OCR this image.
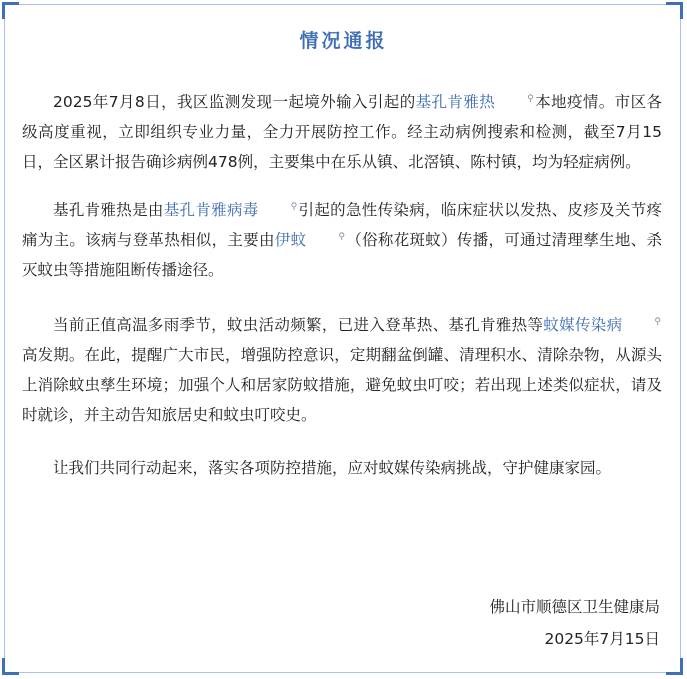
情况通报

2025年7月8日，我区监测发现一起境外输入引起的基孔肯雅热	⚲本地疫情。市区各级高度重视，立即组织专业力量，全力开展防控工作。经主动病例搜索和检测，截至7月15日，全区累计报告确诊病例478例，主要集中在乐从镇、北滘镇、陈村镇，均为轻症病例。

基孔肯雅热是由基孔肯雅病毒	⚲引起的急性传染病，临床症状以发热、皮疹及关节疼痛为主。该病与登革热相似，主要由伊蚊	⚲（俗称花斑蚊）传播，可通过清理孳生地、杀灭蚊虫等措施阻断传播途径。

当前正值高温多雨季节，蚊虫活动频繁，已进入登革热、基孔肯雅热等蚊媒传染病	⚲高发期。在此，提醒广大市民，增强防控意识，定期翻盆倒罐、清理积水、清除杂物，从源头上消除蚊虫孳生环境；加强个人和居家防蚊措施，避免蚊虫叮咬；若出现上述类似症状，请及时就诊，并主动告知旅居史和蚊虫叮咬史。

让我们共同行动起来，落实各项防控措施，应对蚊媒传染病挑战，守护健康家园。

佛山市顺德区卫生健康局
2025年7月15日
